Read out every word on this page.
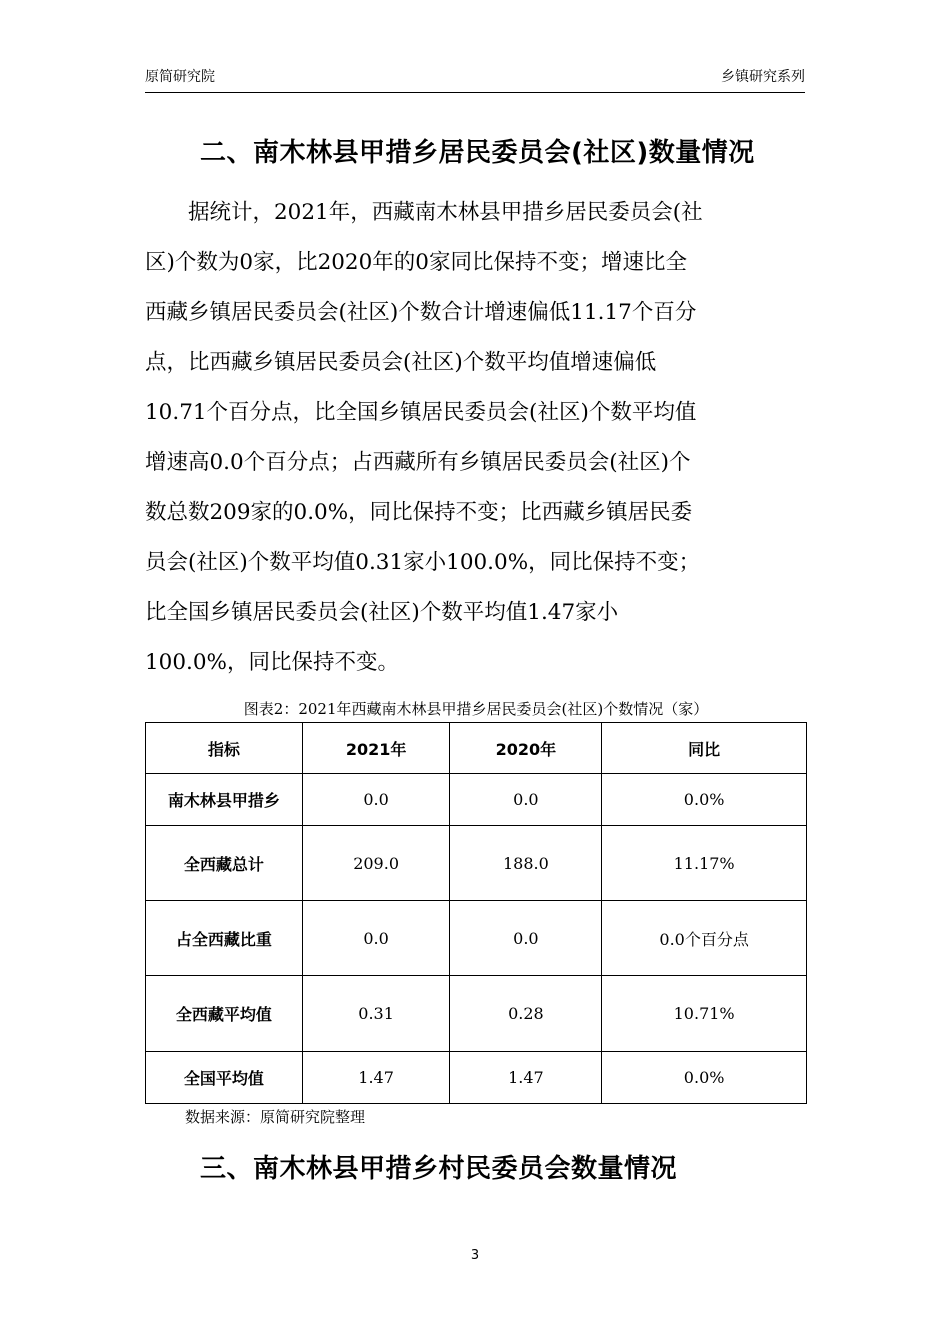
原简研究院	乡镇研究系列
二、南木林县甲措乡居民委员会(社区)数量情况

　　据统计，2021年，西藏南木林县甲措乡居民委员会(社
区)个数为0家，比2020年的0家同比保持不变；增速比全
西藏乡镇居民委员会(社区)个数合计增速偏低11.17个百分
点，比西藏乡镇居民委员会(社区)个数平均值增速偏低
10.71个百分点，比全国乡镇居民委员会(社区)个数平均值
增速高0.0个百分点；占西藏所有乡镇居民委员会(社区)个
数总数209家的0.0%，同比保持不变；比西藏乡镇居民委
员会(社区)个数平均值0.31家小100.0%，同比保持不变；
比全国乡镇居民委员会(社区)个数平均值1.47家小
100.0%，同比保持不变。

图表2：2021年西藏南木林县甲措乡居民委员会(社区)个数情况（家）
指标	2021年	2020年	同比
南木林县甲措乡	0.0	0.0	0.0%
全西藏总计	209.0	188.0	11.17%
占全西藏比重	0.0	0.0	0.0个百分点
全西藏平均值	0.31	0.28	10.71%
全国平均值	1.47	1.47	0.0%
数据来源：原简研究院整理
三、南木林县甲措乡村民委员会数量情况
3
